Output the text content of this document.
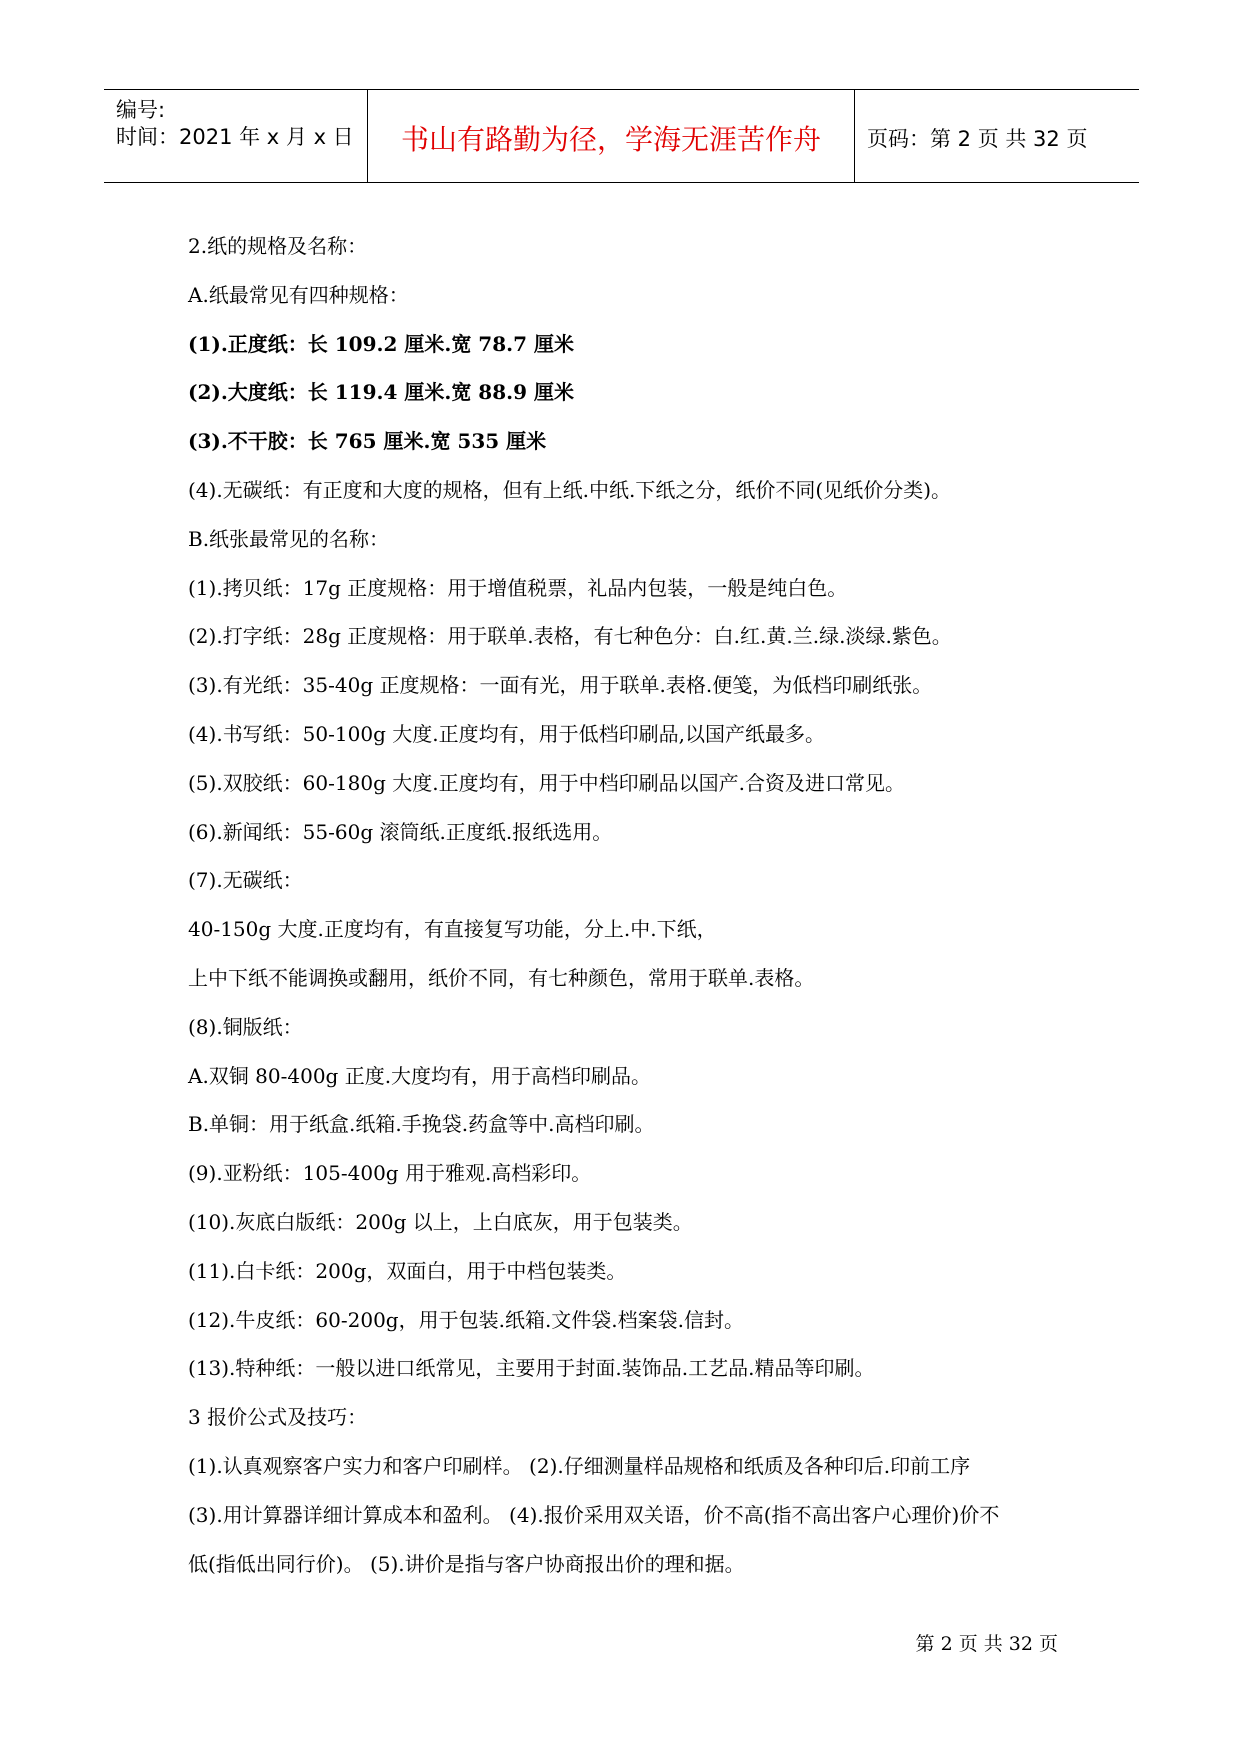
编号:
时间：2021 年 x 月 x 日	书山有路勤为径，学海无涯苦作舟	页码：第 2 页 共 32 页
2.纸的规格及名称：
A.纸最常见有四种规格：
(1).正度纸：长 109.2 厘米.宽 78.7 厘米
(2).大度纸：长 119.4 厘米.宽 88.9 厘米
(3).不干胶：长 765 厘米.宽 535 厘米
(4).无碳纸：有正度和大度的规格，但有上纸.中纸.下纸之分，纸价不同(见纸价分类)。
B.纸张最常见的名称：
(1).拷贝纸：17g 正度规格：用于增值税票，礼品内包装，一般是纯白色。
(2).打字纸：28g 正度规格：用于联单.表格，有七种色分：白.红.黄.兰.绿.淡绿.紫色。
(3).有光纸：35-40g 正度规格：一面有光，用于联单.表格.便笺，为低档印刷纸张。
(4).书写纸：50-100g 大度.正度均有，用于低档印刷品,以国产纸最多。
(5).双胶纸：60-180g 大度.正度均有，用于中档印刷品以国产.合资及进口常见。
(6).新闻纸：55-60g 滚筒纸.正度纸.报纸选用。
(7).无碳纸：
40-150g 大度.正度均有，有直接复写功能，分上.中.下纸，
上中下纸不能调换或翻用，纸价不同，有七种颜色，常用于联单.表格。
(8).铜版纸：
A.双铜 80-400g 正度.大度均有，用于高档印刷品。
B.单铜：用于纸盒.纸箱.手挽袋.药盒等中.高档印刷。
(9).亚粉纸：105-400g 用于雅观.高档彩印。
(10).灰底白版纸：200g 以上，上白底灰，用于包装类。
(11).白卡纸：200g，双面白，用于中档包装类。
(12).牛皮纸：60-200g，用于包装.纸箱.文件袋.档案袋.信封。
(13).特种纸：一般以进口纸常见，主要用于封面.装饰品.工艺品.精品等印刷。
3 报价公式及技巧：
(1).认真观察客户实力和客户印刷样。 (2).仔细测量样品规格和纸质及各种印后.印前工序
(3).用计算器详细计算成本和盈利。 (4).报价采用双关语，价不高(指不高出客户心理价)价不
低(指低出同行价)。 (5).讲价是指与客户协商报出价的理和据。
第 2 页 共 32 页
